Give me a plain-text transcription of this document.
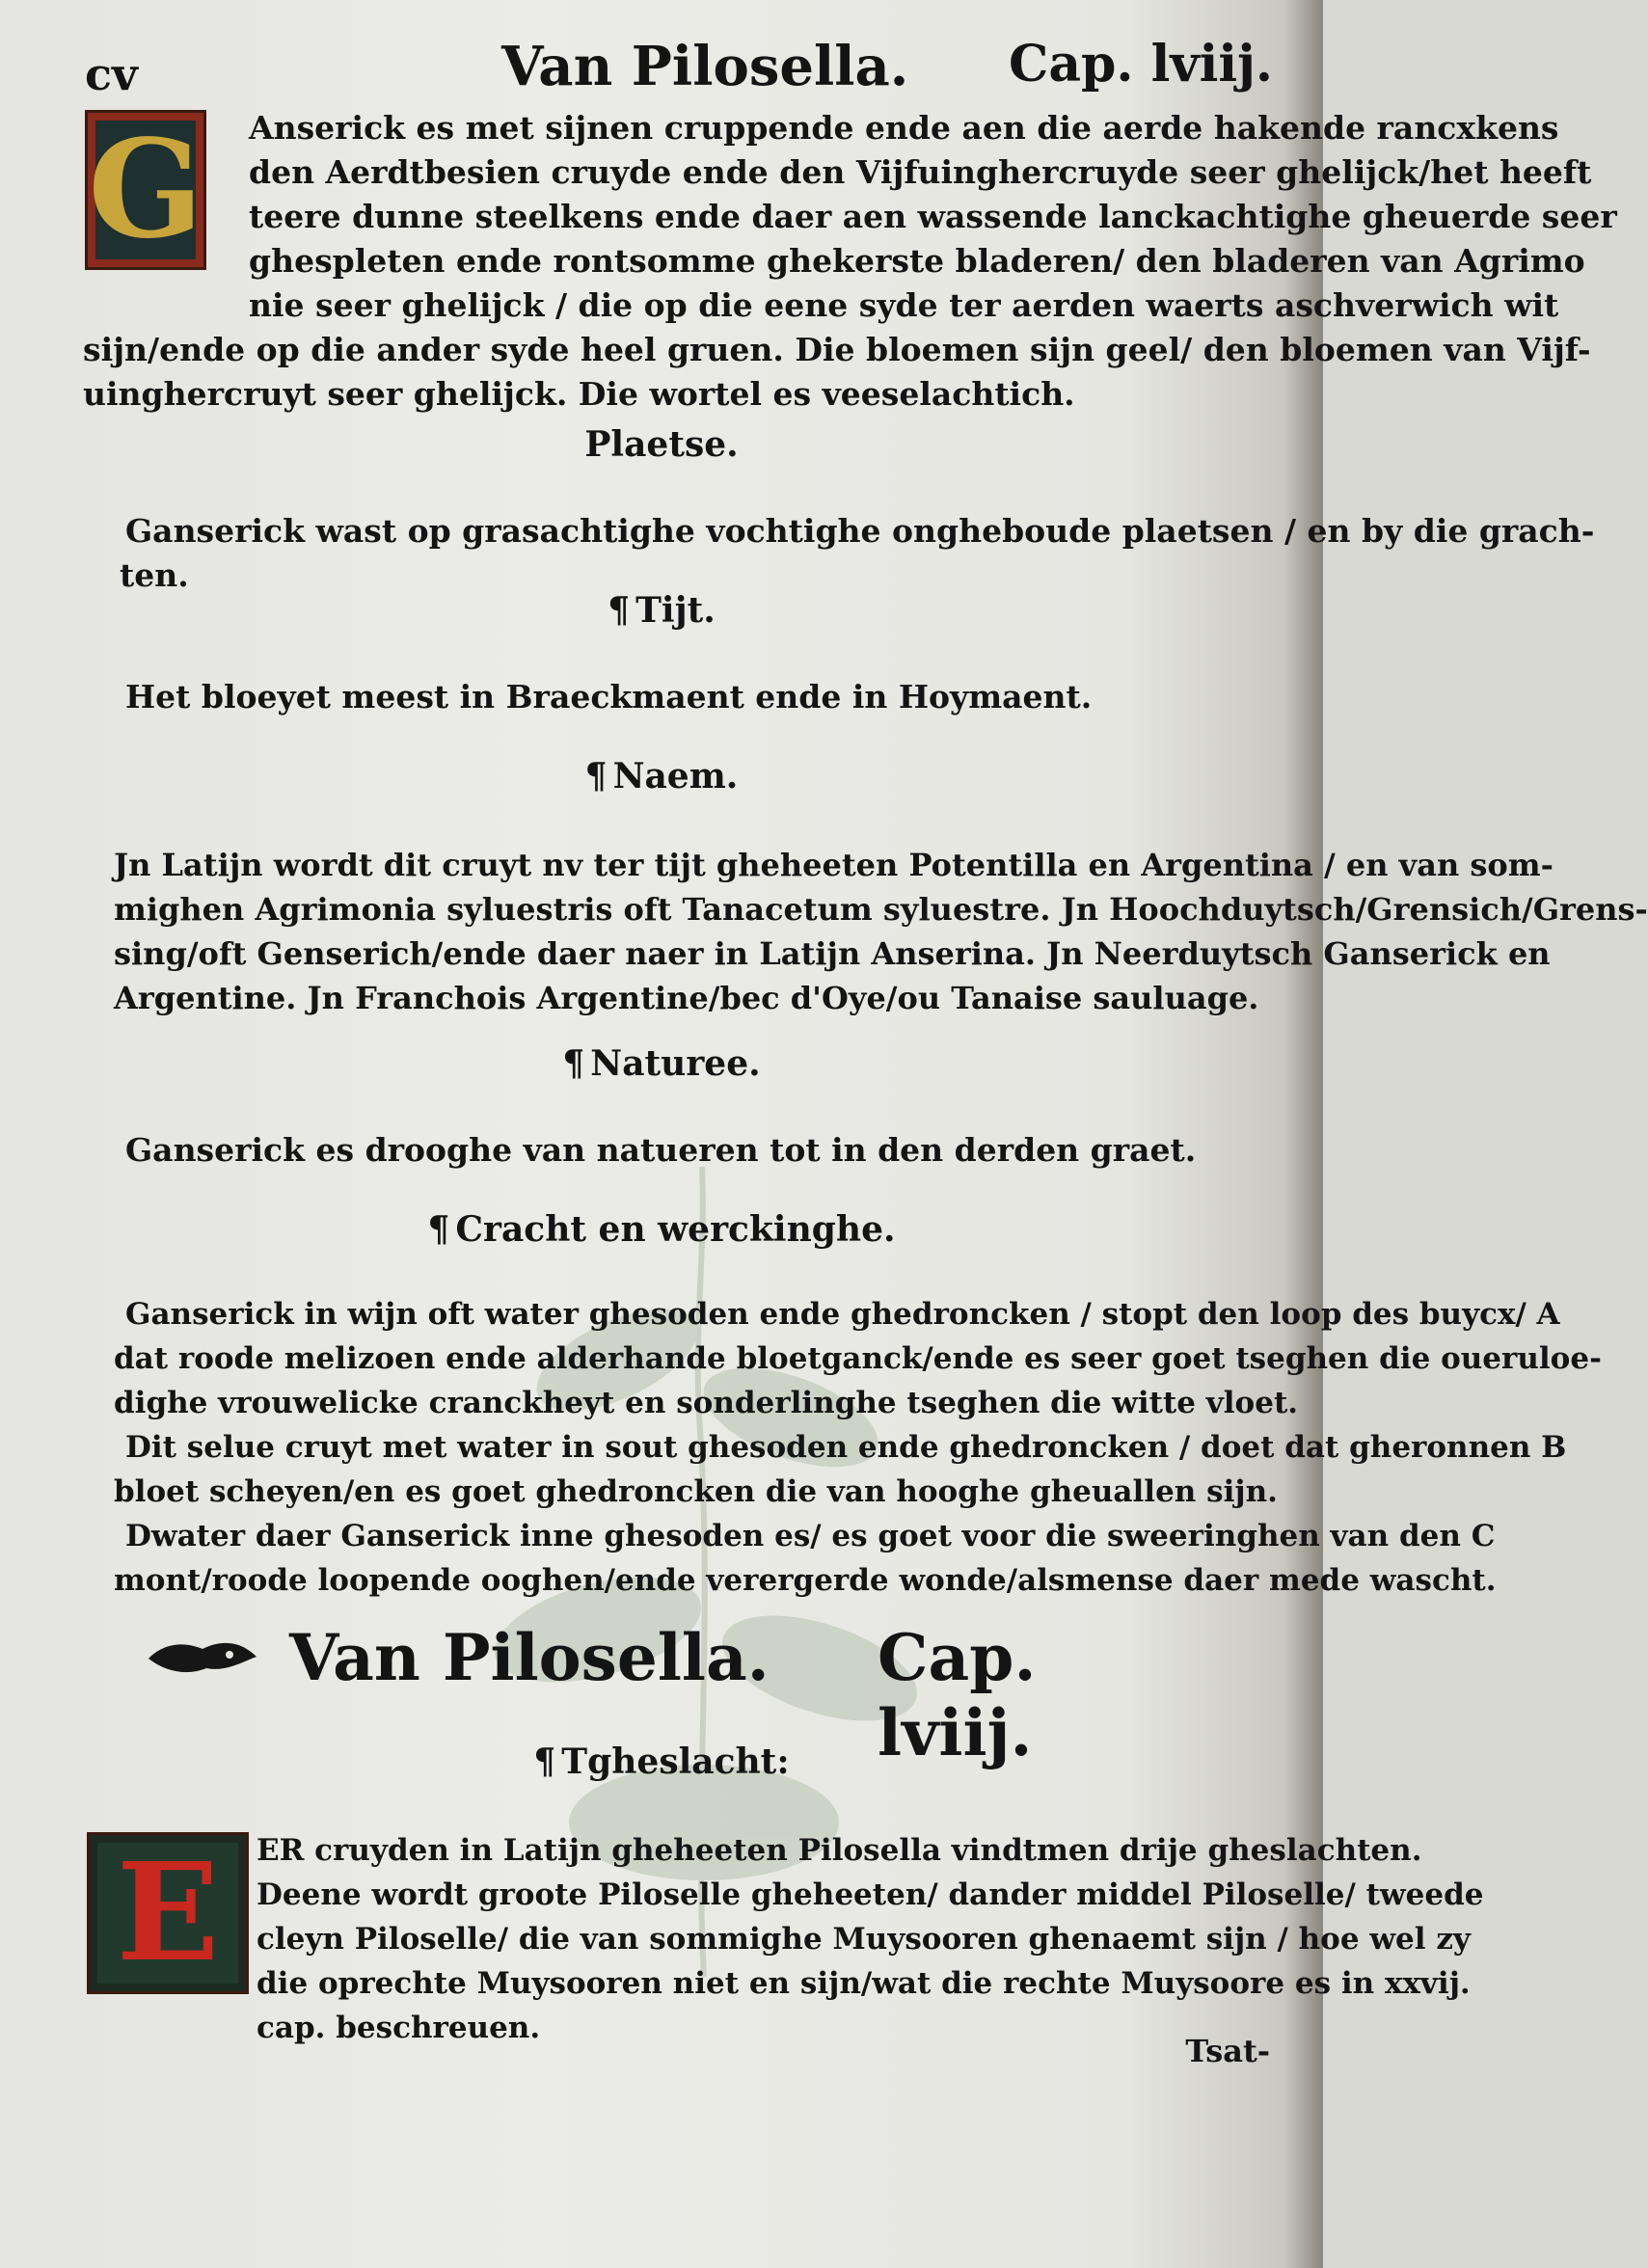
cv	Van Pilosella. Cap. lviij.
G Anserick es met sijnen cruppende ende aen die aerde hakende rancxkens
den Aerdtbesien cruyde ende den Vijfuinghercruyde seer ghelijck/het heeft
teere dunne steelkens ende daer aen wassende lanckachtighe gheuerde seer
ghespleten ende rontsomme ghekerste bladeren/ den bladeren van Agrimo
nie seer ghelijck / die op die eene syde ter aerden waerts aschverwich wit
sijn/ende op die ander syde heel gruen. Die bloemen sijn geel/ den bloemen van Vijf-
uinghercruyt seer ghelijck. Die wortel es veeselachtich.
Plaetse.
Ganserick wast op grasachtighe vochtighe ongheboude plaetsen / en by die grach-
ten.
¶ Tijt.
Het bloeyet meest in Braeckmaent ende in Hoymaent.
¶ Naem.
Jn Latijn wordt dit cruyt nv ter tijt gheheeten Potentilla en Argentina / en van som-
mighen Agrimonia syluestris oft Tanacetum syluestre. Jn Hoochduytsch/Grensich/Grens-
sing/oft Genserich/ende daer naer in Latijn Anserina. Jn Neerduytsch Ganserick en
Argentine. Jn Franchois Argentine/bec d'Oye/ou Tanaise sauluage.
¶ Naturee.
Ganserick es drooghe van natueren tot in den derden graet.
¶ Cracht en werckinghe.
Ganserick in wijn oft water ghesoden ende ghedroncken / stopt den loop des buycx/ A
dat roode melizoen ende alderhande bloetganck/ende es seer goet tseghen die oueruloe-
dighe vrouwelicke cranckheyt en sonderlinghe tseghen die witte vloet.
Dit selue cruyt met water in sout ghesoden ende ghedroncken / doet dat gheronnen B
bloet scheyen/en es goet ghedroncken die van hooghe gheuallen sijn.
Dwater daer Ganserick inne ghesoden es/ es goet voor die sweeringhen van den C
mont/roode loopende ooghen/ende verergerde wonde/alsmense daer mede wascht.
Van Pilosella. Cap. lviij.
¶ Tgheslacht:
E ER cruyden in Latijn gheheeten Pilosella vindtmen drije gheslachten.
Deene wordt groote Piloselle gheheeten/ dander middel Piloselle/ tweede
cleyn Piloselle/ die van sommighe Muysooren ghenaemt sijn / hoe wel zy
die oprechte Muysooren niet en sijn/wat die rechte Muysoore es in xxvij.
cap. beschreuen.
Tsat-
